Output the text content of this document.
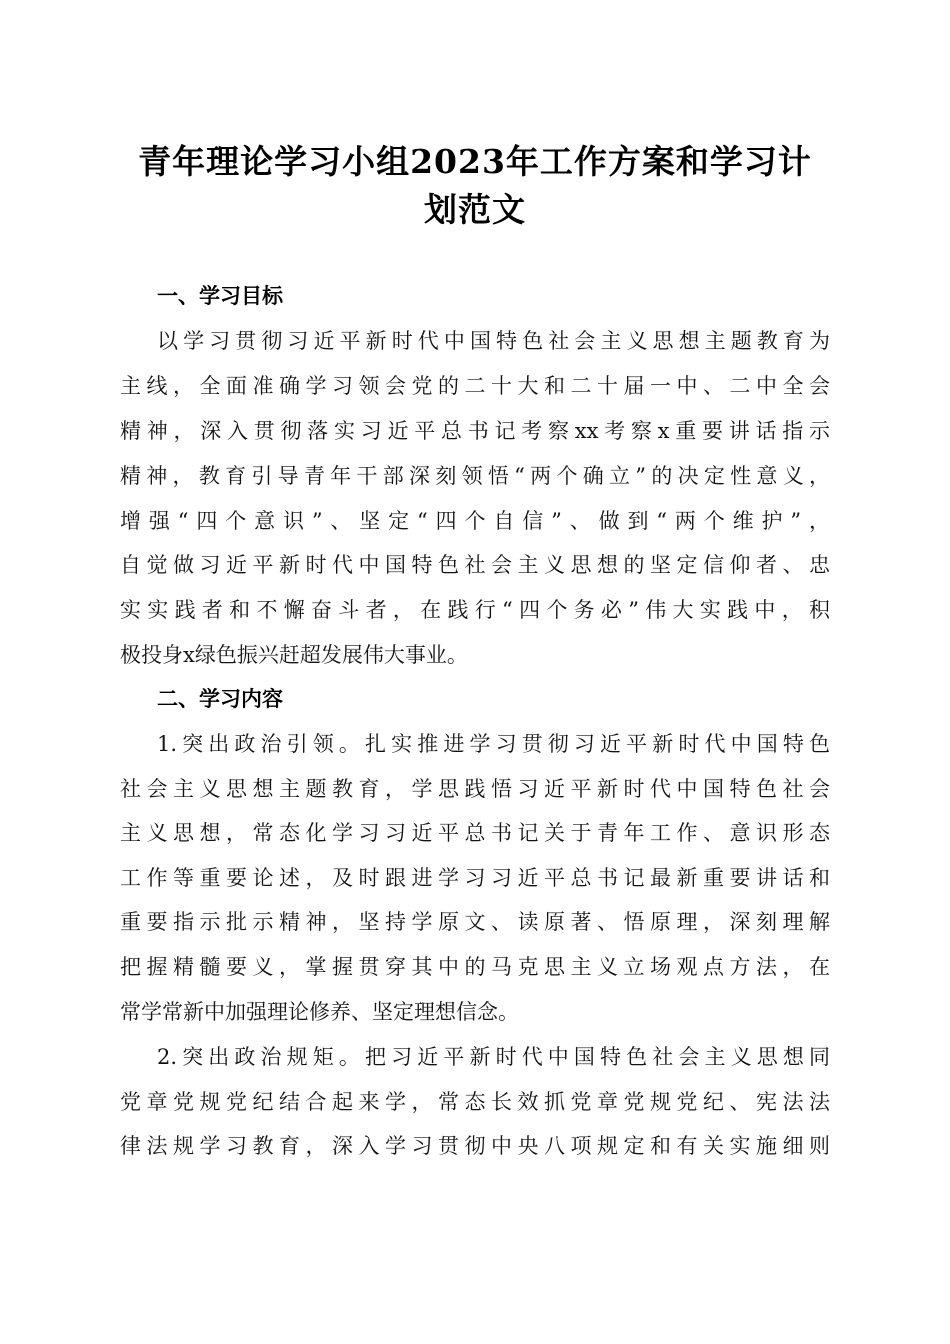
青年理论学习小组2023年工作方案和学习计
划范文
一、学习目标
以学习贯彻习近平新时代中国特色社会主义思想主题教育为
主线，全面准确学习领会党的二十大和二十届一中、二中全会
精神，深入贯彻落实习近平总书记考察xx考察x重要讲话指示
精神，教育引导青年干部深刻领悟“两个确立”的决定性意义，
增强“四个意识”、坚定“四个自信”、做到“两个维护”，
自觉做习近平新时代中国特色社会主义思想的坚定信仰者、忠
实实践者和不懈奋斗者，在践行“四个务必”伟大实践中，积
极投身x绿色振兴赶超发展伟大事业。
二、学习内容
1.突出政治引领。扎实推进学习贯彻习近平新时代中国特色
社会主义思想主题教育，学思践悟习近平新时代中国特色社会
主义思想，常态化学习习近平总书记关于青年工作、意识形态
工作等重要论述，及时跟进学习习近平总书记最新重要讲话和
重要指示批示精神，坚持学原文、读原著、悟原理，深刻理解
把握精髓要义，掌握贯穿其中的马克思主义立场观点方法，在
常学常新中加强理论修养、坚定理想信念。
2.突出政治规矩。把习近平新时代中国特色社会主义思想同
党章党规党纪结合起来学，常态长效抓党章党规党纪、宪法法
律法规学习教育，深入学习贯彻中央八项规定和有关实施细则
